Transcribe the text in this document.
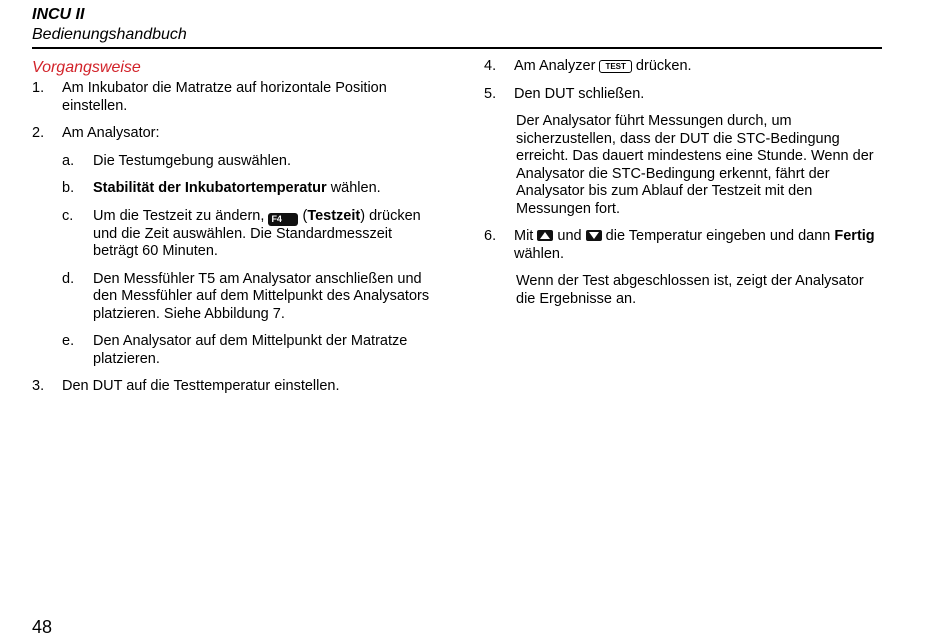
INCU II
Bedienungshandbuch
Vorgangsweise
1. Am Inkubator die Matratze auf horizontale Position einstellen.
2. Am Analysator:
a. Die Testumgebung auswählen.
b. Stabilität der Inkubatortemperatur wählen.
c. Um die Testzeit zu ändern, F4 (Testzeit) drücken und die Zeit auswählen. Die Standardmesszeit beträgt 60 Minuten.
d. Den Messfühler T5 am Analysator anschließen und den Messfühler auf dem Mittelpunkt des Analysators platzieren. Siehe Abbildung 7.
e. Den Analysator auf dem Mittelpunkt der Matratze platzieren.
3. Den DUT auf die Testtemperatur einstellen.
4. Am Analyzer TEST drücken.
5. Den DUT schließen.
Der Analysator führt Messungen durch, um sicherzustellen, dass der DUT die STC-Bedingung erreicht. Das dauert mindestens eine Stunde. Wenn der Analysator die STC-Bedingung erkennt, fährt der Analysator bis zum Ablauf der Testzeit mit den Messungen fort.
6. Mit und die Temperatur eingeben und dann Fertig wählen.
Wenn der Test abgeschlossen ist, zeigt der Analysator die Ergebnisse an.
48
